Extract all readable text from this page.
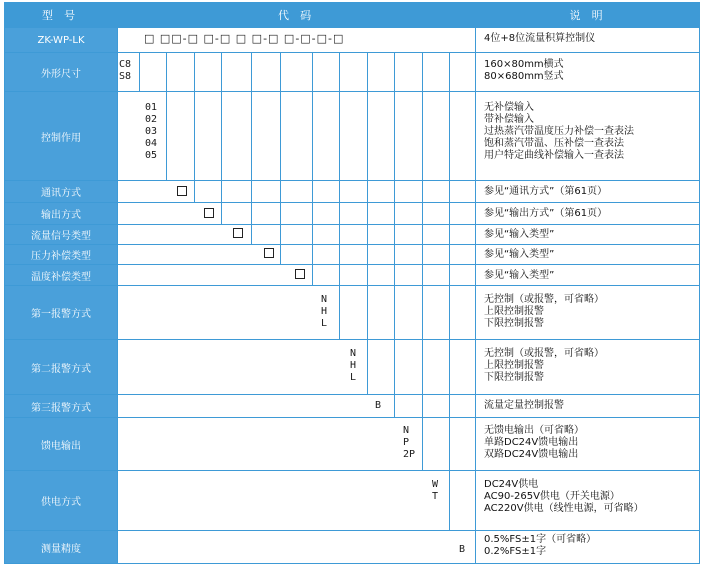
型 号	代 码	说 明
ZK-WP-LK
外形尺寸
控制作用
通讯方式
输出方式
流量信号类型
压力补偿类型
温度补偿类型
第一报警方式
第二报警方式
第三报警方式
馈电输出
供电方式
测量精度
□ □□-□ □-□ □ □-□ □-□-□-□
C8
S8
01
02
03
04
05
N
H
L
N
H
L
B
N
P
2P
W
T
B
4位+8位流量积算控制仪
160×80mm横式
80×680mm竖式
无补偿输入
带补偿输入
过热蒸汽带温度压力补偿一查表法
饱和蒸汽带温、压补偿一查表法
用户特定曲线补偿输入一查表法
参见“通讯方式”（第61页）
参见“输出方式”（第61页）
参见“输入类型”
参见“输入类型”
参见“输入类型”
无控制（或报警，可省略）
上限控制报警
下限控制报警
无控制（或报警，可省略）
上限控制报警
下限控制报警
流量定量控制报警
无馈电输出（可省略）
单路DC24V馈电输出
双路DC24V馈电输出
DC24V供电
AC90-265V供电（开关电源）
AC220V供电（线性电源，可省略）
0.5%FS±1字（可省略）
0.2%FS±1字
